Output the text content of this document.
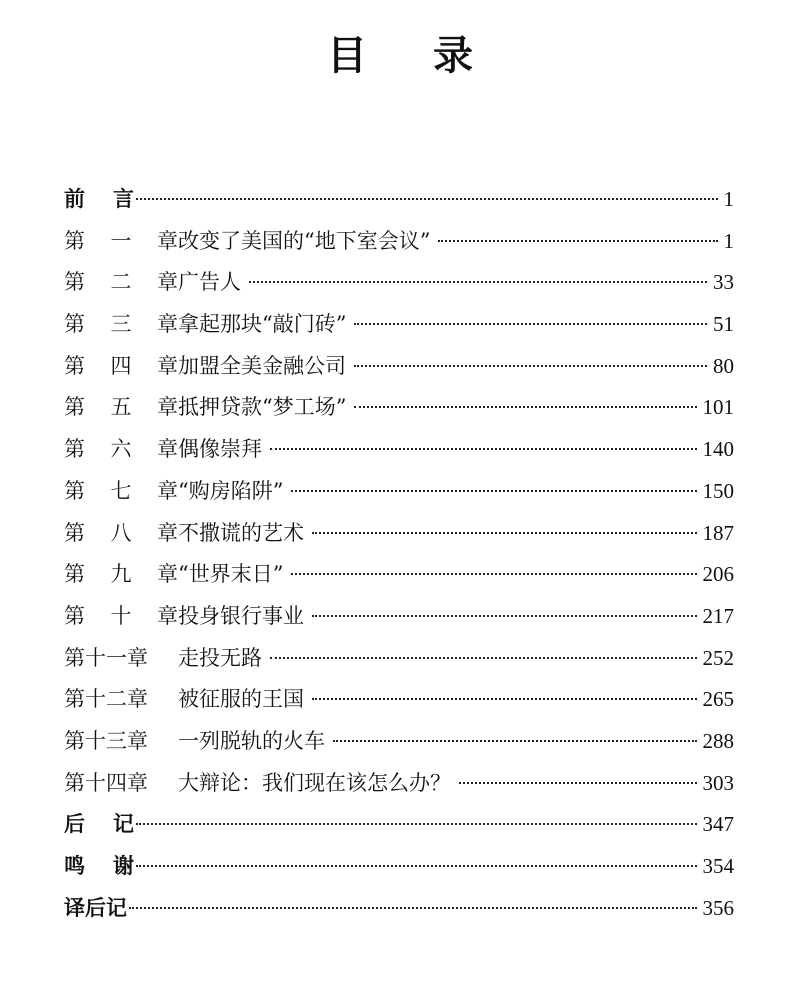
目 录
前 言	1
第 一 章 改变了美国的“地下室会议”	1
第 二 章 广告人	33
第 三 章 拿起那块“敲门砖”	51
第 四 章 加盟全美金融公司	80
第 五 章 抵押贷款“梦工场”	101
第 六 章 偶像崇拜	140
第 七 章 “购房陷阱”	150
第 八 章 不撒谎的艺术	187
第 九 章 “世界末日”	206
第 十 章 投身银行事业	217
第十一章 走投无路	252
第十二章 被征服的王国	265
第十三章 一列脱轨的火车	288
第十四章 大辩论：我们现在该怎么办？	303
后 记	347
鸣 谢	354
译后记	356
